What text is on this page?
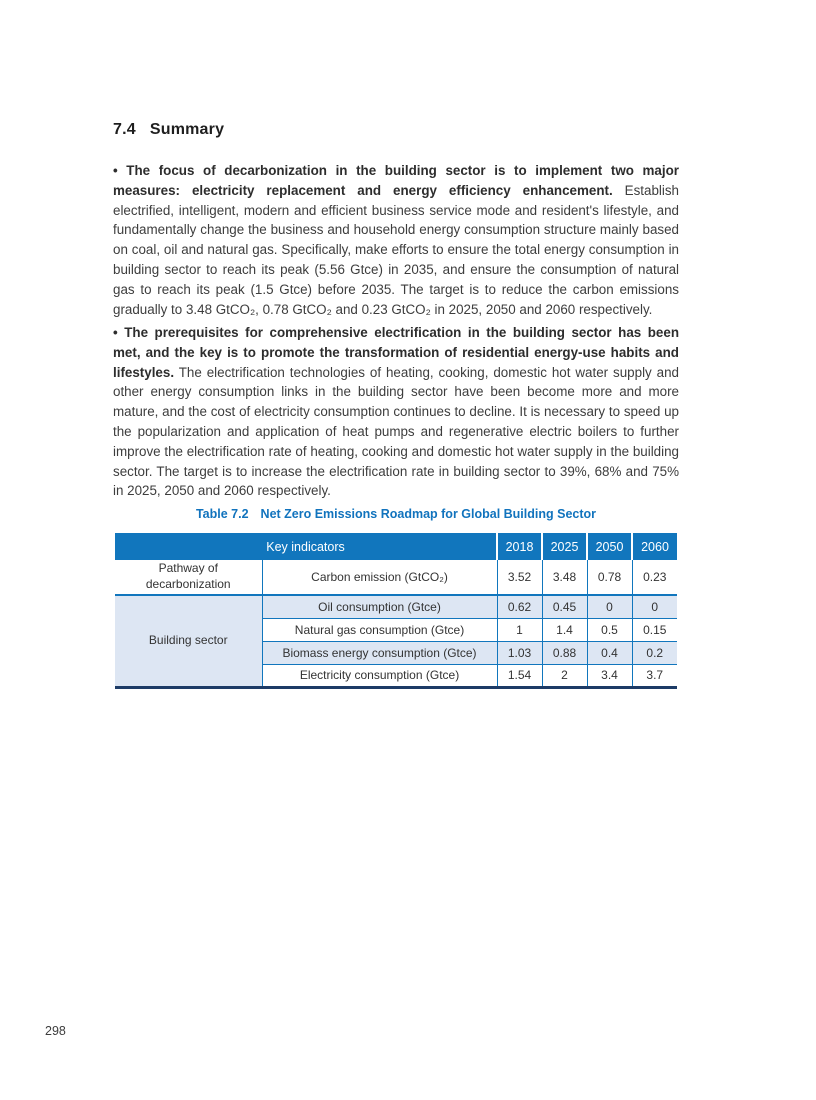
7.4 Summary

• The focus of decarbonization in the building sector is to implement two major measures: electricity replacement and energy efficiency enhancement. Establish electrified, intelligent, modern and efficient business service mode and resident's lifestyle, and fundamentally change the business and household energy consumption structure mainly based on coal, oil and natural gas. Specifically, make efforts to ensure the total energy consumption in building sector to reach its peak (5.56 Gtce) in 2035, and ensure the consumption of natural gas to reach its peak (1.5 Gtce) before 2035. The target is to reduce the carbon emissions gradually to 3.48 GtCO₂, 0.78 GtCO₂ and 0.23 GtCO₂ in 2025, 2050 and 2060 respectively.

• The prerequisites for comprehensive electrification in the building sector has been met, and the key is to promote the transformation of residential energy-use habits and lifestyles. The electrification technologies of heating, cooking, domestic hot water supply and other energy consumption links in the building sector have been become more and more mature, and the cost of electricity consumption continues to decline. It is necessary to speed up the popularization and application of heat pumps and regenerative electric boilers to further improve the electrification rate of heating, cooking and domestic hot water supply in the building sector. The target is to increase the electrification rate in building sector to 39%, 68% and 75% in 2025, 2050 and 2060 respectively.

Table 7.2 Net Zero Emissions Roadmap for Global Building Sector
Key indicators		2018	2025	2050	2060
Pathway of decarbonization	Carbon emission (GtCO₂)	3.52	3.48	0.78	0.23
Building sector	Oil consumption (Gtce)	0.62	0.45	0	0
	Natural gas consumption (Gtce)	1	1.4	0.5	0.15
	Biomass energy consumption (Gtce)	1.03	0.88	0.4	0.2
	Electricity consumption (Gtce)	1.54	2	3.4	3.7
298
